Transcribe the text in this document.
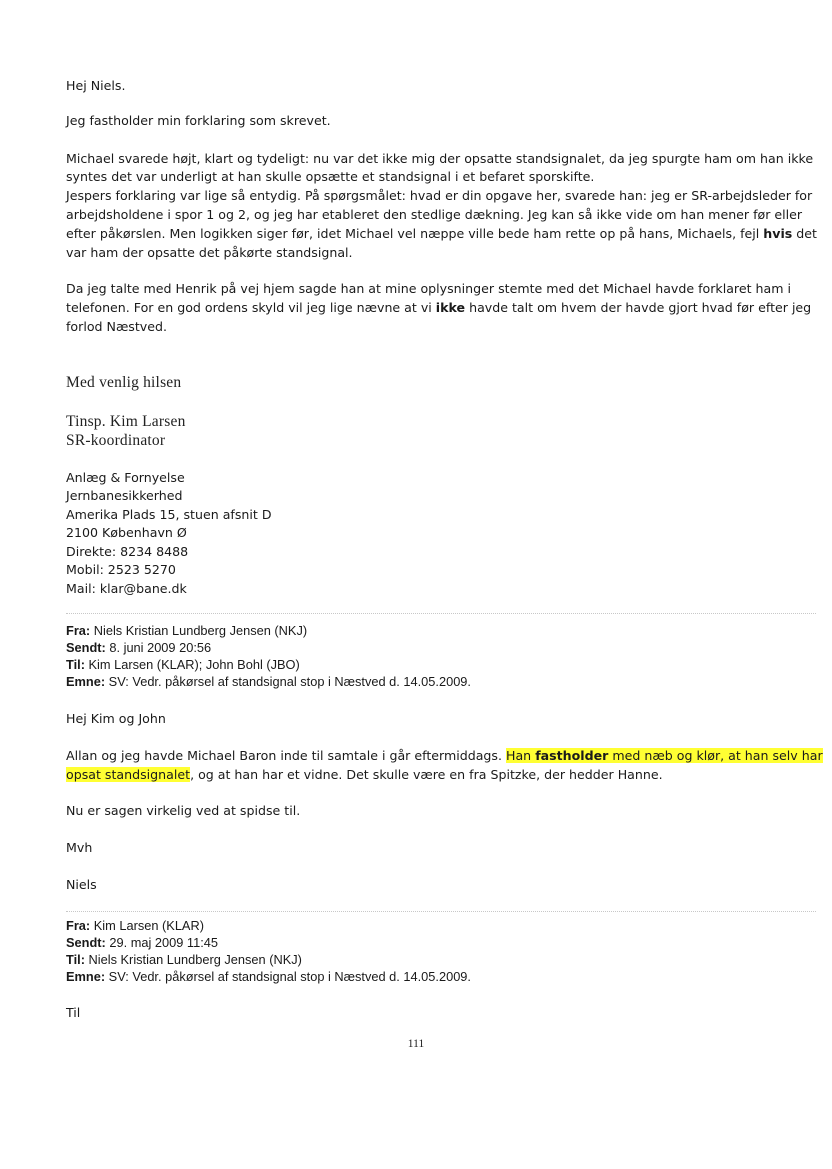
Hej Niels.

Jeg fastholder min forklaring som skrevet.

Michael svarede højt, klart og tydeligt: nu var det ikke mig der opsatte standsignalet, da jeg spurgte ham om han ikke

syntes det var underligt at han skulle opsætte et standsignal i et befaret sporskifte.

Jespers forklaring var lige så entydig. På spørgsmålet: hvad er din opgave her, svarede han: jeg er SR-arbejdsleder for

arbejdsholdene i spor 1 og 2, og jeg har etableret den stedlige dækning. Jeg kan så ikke vide om han mener før eller

efter påkørslen. Men logikken siger før, idet Michael vel næppe ville bede ham rette op på hans, Michaels, fejl hvis det

var ham der opsatte det påkørte standsignal.

Da jeg talte med Henrik på vej hjem sagde han at mine oplysninger stemte med det Michael havde forklaret ham i

telefonen. For en god ordens skyld vil jeg lige nævne at vi ikke havde talt om hvem der havde gjort hvad før efter jeg

forlod Næstved.

Med venlig hilsen

Tinsp. Kim Larsen

SR-koordinator

Anlæg & Fornyelse

Jernbanesikkerhed

Amerika Plads 15, stuen afsnit D

2100 København Ø

Direkte: 8234 8488

Mobil: 2523 5270

Mail: klar@bane.dk

Fra: Niels Kristian Lundberg Jensen (NKJ)

Sendt: 8. juni 2009 20:56

Til: Kim Larsen (KLAR); John Bohl (JBO)

Emne: SV: Vedr. påkørsel af standsignal stop i Næstved d. 14.05.2009.

Hej Kim og John

Allan og jeg havde Michael Baron inde til samtale i går eftermiddags. Han fastholder med næb og klør, at han selv har

opsat standsignalet, og at han har et vidne. Det skulle være en fra Spitzke, der hedder Hanne.

Nu er sagen virkelig ved at spidse til.

Mvh

Niels

Fra: Kim Larsen (KLAR)

Sendt: 29. maj 2009 11:45

Til: Niels Kristian Lundberg Jensen (NKJ)

Emne: SV: Vedr. påkørsel af standsignal stop i Næstved d. 14.05.2009.

Til

111
